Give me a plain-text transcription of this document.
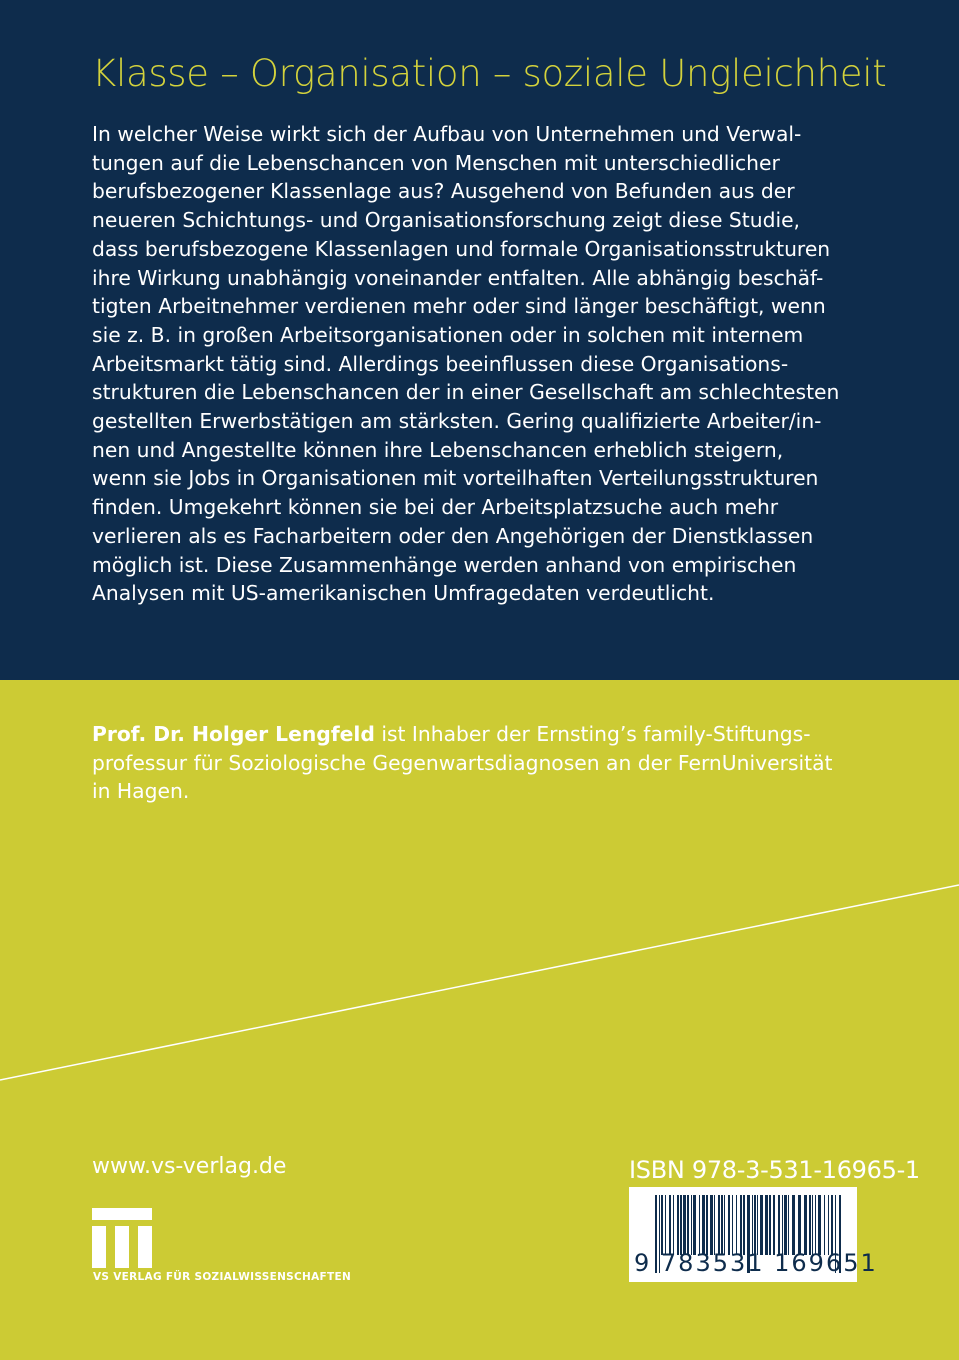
Klasse – Organisation – soziale Ungleichheit
In welcher Weise wirkt sich der Aufbau von Unternehmen und Verwal-
tungen auf die Lebenschancen von Menschen mit unterschiedlicher
berufsbezogener Klassenlage aus? Ausgehend von Befunden aus der
neueren Schichtungs- und Organisationsforschung zeigt diese Studie,
dass berufsbezogene Klassenlagen und formale Organisationsstrukturen
ihre Wirkung unabhängig voneinander entfalten. Alle abhängig beschäf-
tigten Arbeitnehmer verdienen mehr oder sind länger beschäftigt, wenn
sie z. B. in großen Arbeitsorganisationen oder in solchen mit internem
Arbeitsmarkt tätig sind. Allerdings beeinflussen diese Organisations-
strukturen die Lebenschancen der in einer Gesellschaft am schlechtesten
gestellten Erwerbstätigen am stärksten. Gering qualifizierte Arbeiter/in-
nen und Angestellte können ihre Lebenschancen erheblich steigern,
wenn sie Jobs in Organisationen mit vorteilhaften Verteilungsstrukturen
finden. Umgekehrt können sie bei der Arbeitsplatzsuche auch mehr
verlieren als es Facharbeitern oder den Angehörigen der Dienstklassen
möglich ist. Diese Zusammenhänge werden anhand von empirischen
Analysen mit US-amerikanischen Umfragedaten verdeutlicht.
Prof. Dr. Holger Lengfeld ist Inhaber der Ernsting’s family-Stiftungs-
professur für Soziologische Gegenwartsdiagnosen an der FernUniversität
in Hagen.
www.vs-verlag.de
VS VERLAG FÜR SOZIALWISSENSCHAFTEN
ISBN 978-3-531-16965-1
9 783531 169651
